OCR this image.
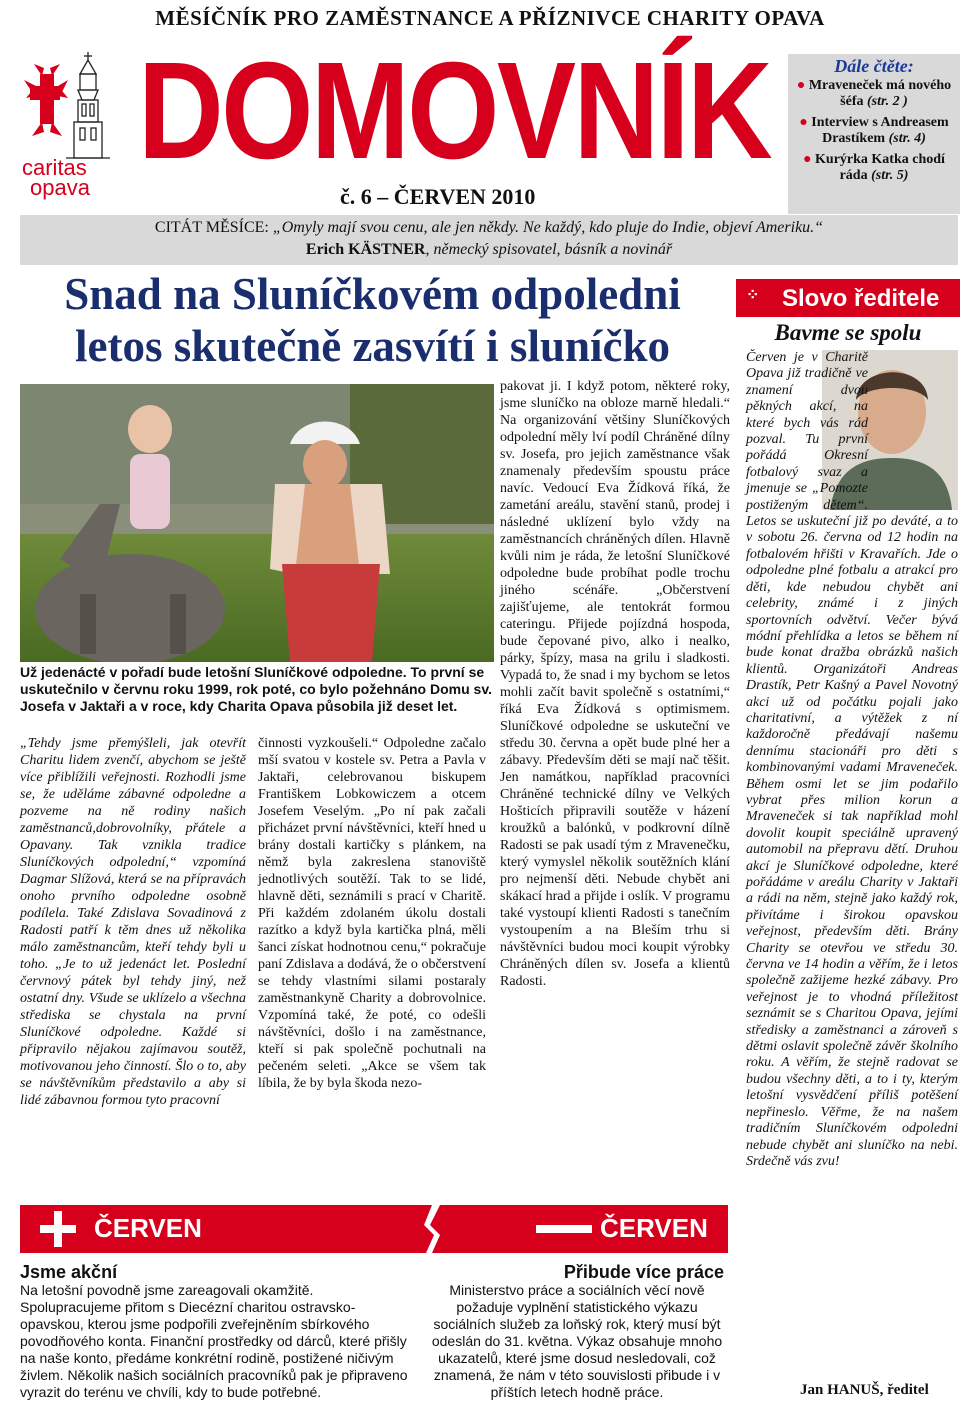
MĚSÍČNÍK PRO ZAMĚSTNANCE A PŘÍZNIVCE CHARITY OPAVA
caritas
opava DOMOVNÍK
č. 6 – ČERVEN 2010
Dále čtěte:
● Mraveneček má nového šéfa (str. 2 )
● Interview s Andreasem Drastíkem (str. 4)
● Kurýrka Katka chodí ráda (str. 5)
CITÁT MĚSÍCE: „Omyly mají svou cenu, ale jen někdy. Ne každý, kdo pluje do Indie, objeví Ameriku.“
Erich KÄSTNER, německý spisovatel, básník a novinář
Snad na Sluníčkovém odpoledni letos skutečně zasvítí i sluníčko
Už jedenácté v pořadí bude letošní Sluníčkové odpoledne. To první se uskutečnilo v červnu roku 1999, rok poté, co bylo požehnáno Domu sv. Josefa v Jaktaři a v roce, kdy Charita Opava působila již deset let.
„Tehdy jsme přemýšleli, jak otevřít Charitu lidem zvenčí, abychom se ještě více přiblížili veřejnosti. Rozhodli jsme se, že uděláme zábavné odpoledne a pozveme na ně rodiny našich zaměstnanců,dobrovolníky, přátele a Opavany. Tak vznikla tradice Sluníčkových odpolední,“ vzpomíná Dagmar Slížová, která se na přípravách onoho prvního odpoledne osobně podílela. Také Zdislava Sovadinová z Radosti patří k těm dnes už několika málo zaměstnancům, kteří tehdy byli u toho. „Je to už jedenáct let. Poslední červnový pátek byl tehdy jiný, než ostatní dny. Všude se uklízelo a všechna střediska se chystala na první Sluníčkové odpoledne. Každé si připravilo nějakou zajímavou soutěž, motivovanou jeho činností. Šlo o to, aby se návštěvníkům představilo a aby si lidé zábavnou formou tyto pracovní
činnosti vyzkoušeli.“ Odpoledne začalo mší svatou v kostele sv. Petra a Pavla v Jaktaři, celebrovanou biskupem Františkem Lobkowiczem a otcem Josefem Veselým. „Po ní pak začali přicházet první návštěvníci, kteří hned u brány dostali kartičky s plánkem, na němž byla zakreslena stanoviště jednotlivých soutěží. Tak to se lidé, hlavně děti, seznámili s prací v Charitě. Při každém zdolaném úkolu dostali razítko a když byla kartička plná, měli šanci získat hodnotnou cenu,“ pokračuje paní Zdislava a dodává, že o občerstvení se tehdy vlastními silami postaraly zaměstnankyně Charity a dobrovolnice. Vzpomíná také, že poté, co odešli návštěvníci, došlo i na zaměstnance, kteří si pak společně pochutnali na pečeném seleti. „Akce se všem tak líbila, že by byla škoda nezo-
pakovat ji. I když potom, některé roky, jsme sluníčko na obloze marně hledali.“ Na organizování většiny Sluníčkových odpolední měly lví podíl Chráněné dílny sv. Josefa, pro jejich zaměstnance však znamenaly především spoustu práce navíc. Vedoucí Eva Žídková říká, že zametání areálu, stavění stanů, prodej i následné uklízení bylo vždy na zaměstnancích chráněných dílen. Hlavně kvůli nim je ráda, že letošní Sluníčkové odpoledne bude probíhat podle trochu jiného scénáře. „Občerstvení zajišťujeme, ale tentokrát formou cateringu. Přijede pojízdná hospoda, bude čepované pivo, alko i nealko, párky, špízy, masa na grilu i sladkosti. Vypadá to, že snad i my bychom se letos mohli začít bavit společně s ostatními,“ říká Eva Žídková s optimismem. Sluníčkové odpoledne se uskuteční ve středu 30. června a opět bude plné her a zábavy. Především děti se mají nač těšit. Jen namátkou, například pracovníci Chráněné technické dílny ve Velkých Hošticích připravili soutěže v házení kroužků a balónků, v podkrovní dílně Radosti se pak usadí tým z Mravenečku, který vymyslel několik soutěžních klání pro nejmenší děti. Nebude chybět ani skákací hrad a přijde i oslík. V programu také vystoupí klienti Radosti s tanečním vystoupením a na Bleším trhu si návštěvníci budou moci koupit výrobky Chráněných dílen sv. Josefa a klientů Radosti.
⁘ Slovo ředitele
Bavme se spolu
Červen je v Charitě Opava již tradičně ve znamení dvou pěkných akcí, na které bych vás rád pozval. Tu první pořádá Okresní fotbalový svaz a jmenuje se „Pomozte postiženým dětem“. Letos se uskuteční již po deváté, a to v sobotu 26. června od 12 hodin na fotbalovém hřišti v Kravařích. Jde o odpoledne plné fotbalu a atrakcí pro děti, kde nebudou chybět ani celebrity, známé i z jiných sportovních odvětví. Večer bývá módní přehlídka a letos se během ní bude konat dražba obrázků našich klientů. Organizátoři Andreas Drastík, Petr Kašný a Pavel Novotný akci už od počátku pojali jako charitativní, a výtěžek z ní každoročně předávají našemu dennímu stacionáři pro děti s kombinovanými vadami Mraveneček. Během osmi let se jim podařilo vybrat přes milion korun a Mraveneček si tak například mohl dovolit koupit speciálně upravený automobil na přepravu dětí. Druhou akcí je Sluníčkové odpoledne, které pořádáme v areálu Charity v Jaktaři a rádi na něm, stejně jako každý rok, přivítáme i širokou opavskou veřejnost, především děti. Brány Charity se otevřou ve středu 30. června ve 14 hodin a věřím, že i letos společně zažijeme hezké zábavy. Pro veřejnost je to vhodná příležitost seznámit se s Charitou Opava, jejími středisky a zaměstnanci a zároveň s dětmi oslavit společně závěr školního roku. A věřím, že stejně radovat se budou všechny děti, a to i ty, kterým letošní vysvědčení příliš potěšení nepřineslo. Věřme, že na našem tradičním Sluníčkovém odpoledni nebude chybět ani sluníčko na nebi. Srdečně vás zvu!
Jan HANUŠ, ředitel
ČERVEN	ČERVEN
Jsme akční
Na letošní povodně jsme zareagovali okamžitě. Spolupracujeme přitom s Diecézní charitou ostravsko-opavskou, kterou jsme podpořili zveřejněním sbírkového povodňového konta. Finanční prostředky od dárců, které přišly na naše konto, předáme konkrétní rodině, postižené ničivým živlem. Několik našich sociálních pracovníků pak je připraveno vyrazit do terénu ve chvíli, kdy to bude potřebné.
Přibude více práce
Ministerstvo práce a sociálních věcí nově požaduje vyplnění statistického výkazu sociálních služeb za loňský rok, který musí být odeslán do 31. května. Výkaz obsahuje mnoho ukazatelů, které jsme dosud nesledovali, což znamená, že nám v této souvislosti přibude i v příštích letech hodně práce.
